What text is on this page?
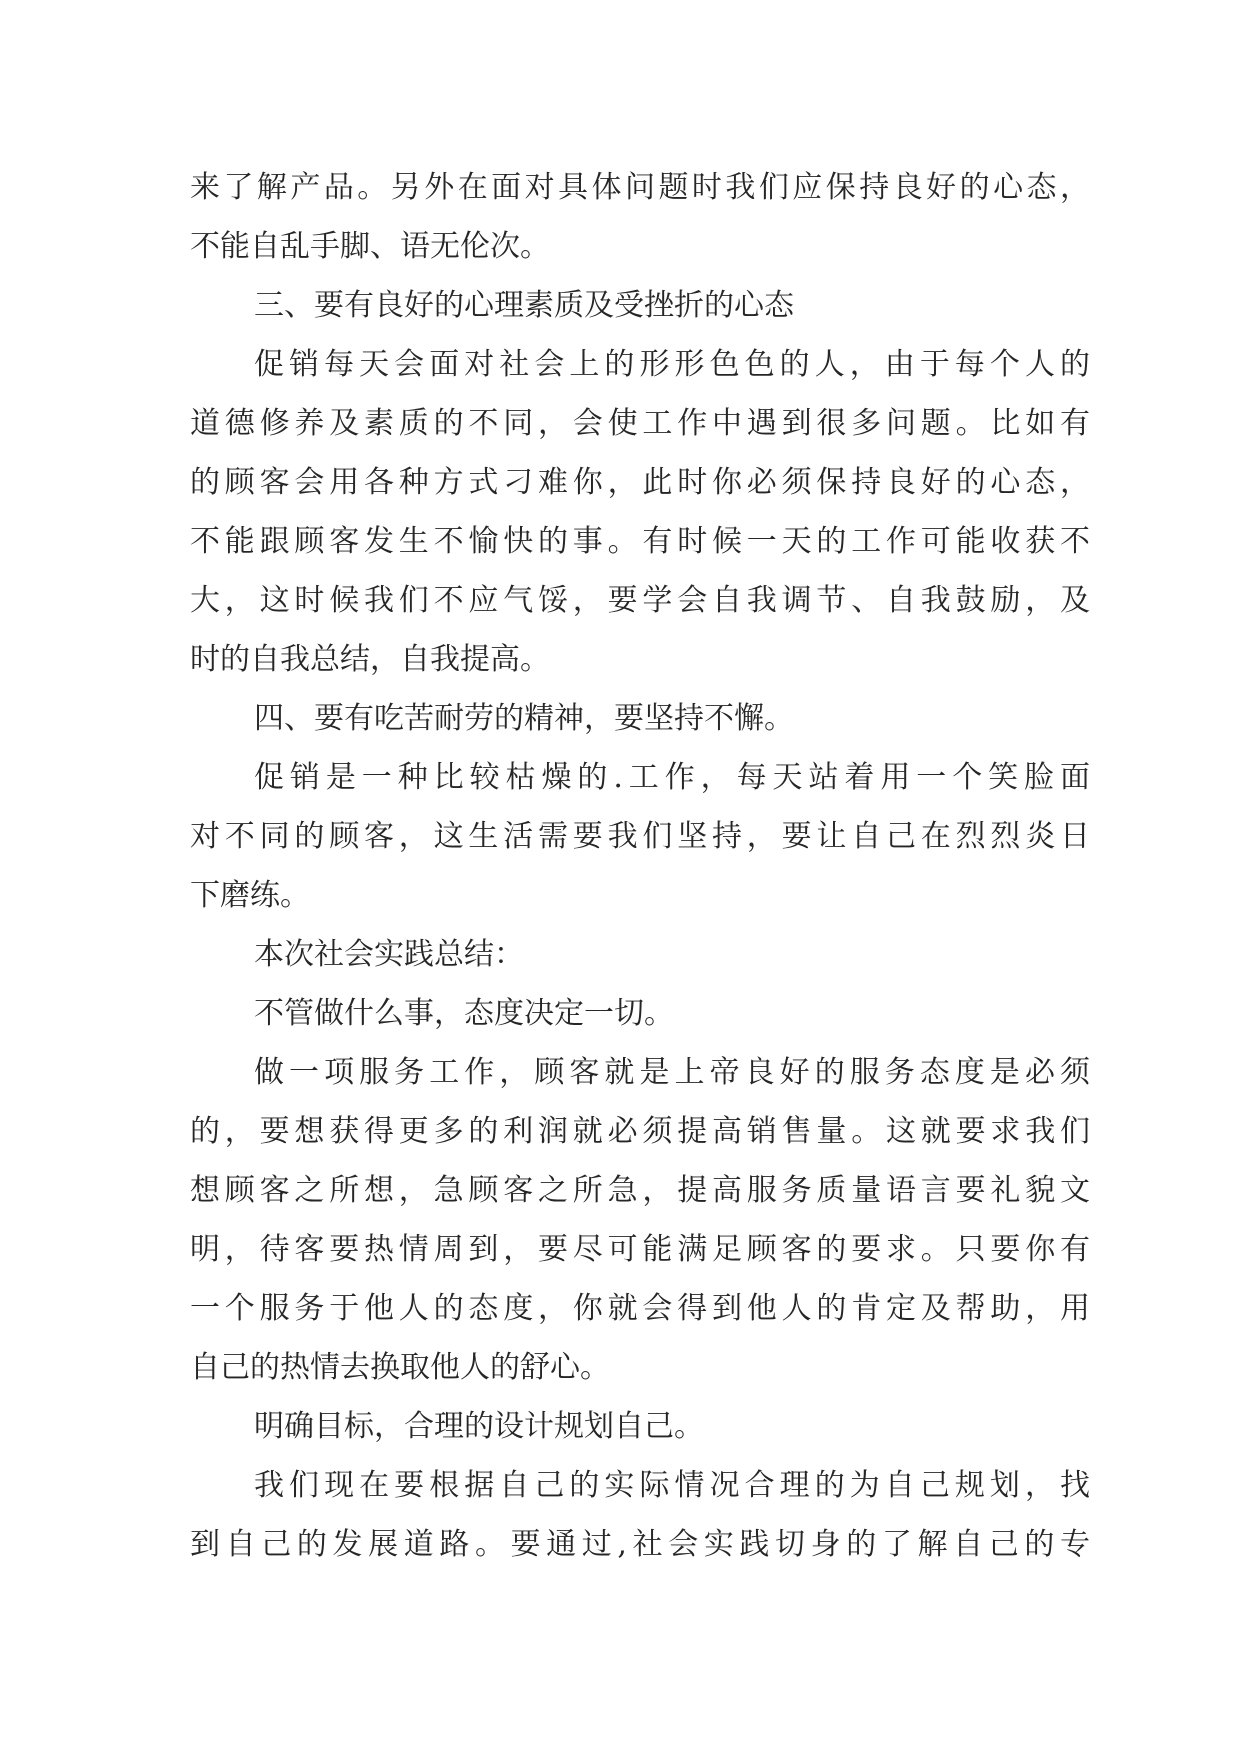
来了解产品。另外在面对具体问题时我们应保持良好的心态，

不能自乱手脚、语无伦次。

三、要有良好的心理素质及受挫折的心态

促销每天会面对社会上的形形色色的人，由于每个人的

道德修养及素质的不同，会使工作中遇到很多问题。比如有

的顾客会用各种方式刁难你，此时你必须保持良好的心态，

不能跟顾客发生不愉快的事。有时候一天的工作可能收获不

大，这时候我们不应气馁，要学会自我调节、自我鼓励，及

时的自我总结，自我提高。

四、要有吃苦耐劳的精神，要坚持不懈。

促销是一种比较枯燥的.工作，每天站着用一个笑脸面

对不同的顾客，这生活需要我们坚持，要让自己在烈烈炎日

下磨练。

本次社会实践总结：

不管做什么事，态度决定一切。

做一项服务工作，顾客就是上帝良好的服务态度是必须

的，要想获得更多的利润就必须提高销售量。这就要求我们

想顾客之所想，急顾客之所急，提高服务质量语言要礼貌文

明，待客要热情周到，要尽可能满足顾客的要求。只要你有

一个服务于他人的态度，你就会得到他人的肯定及帮助，用

自己的热情去换取他人的舒心。

明确目标，合理的设计规划自己。

我们现在要根据自己的实际情况合理的为自己规划，找

到自己的发展道路。要通过,社会实践切身的了解自己的专
